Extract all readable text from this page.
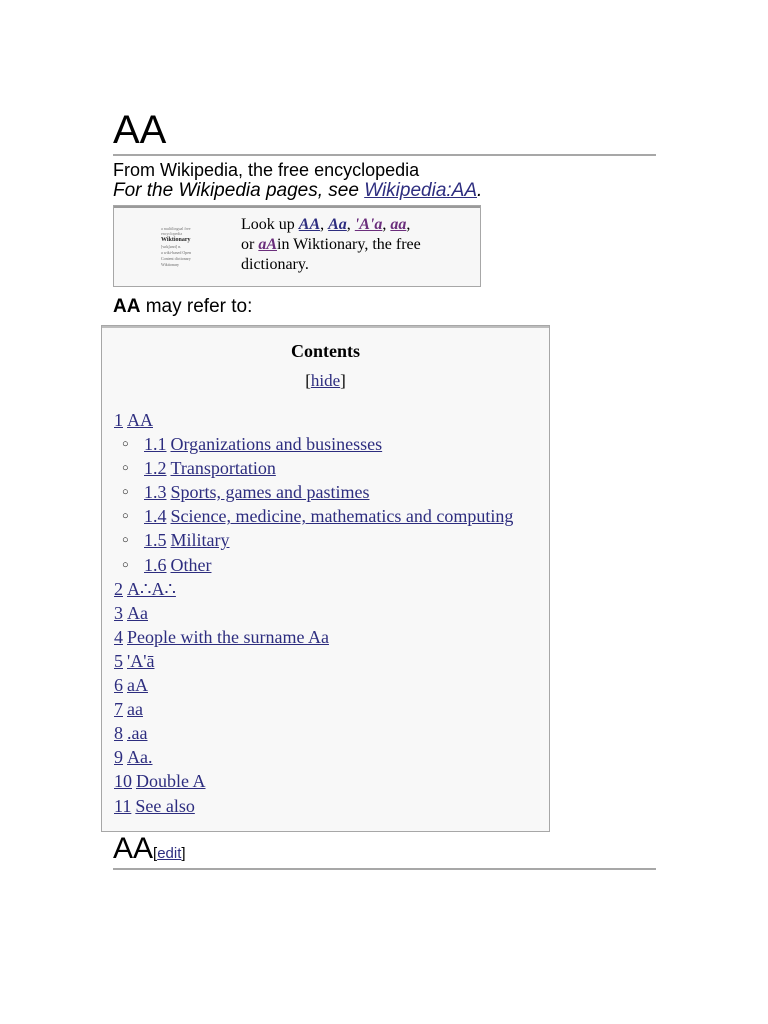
AA
From Wikipedia, the free encyclopedia
For the Wikipedia pages, see Wikipedia:AA.
a multilingual free
encyclopedia
Wiktionary
[wɪkʃənri] n.
a wiki-based Open
Content dictionary
Wiktionary
Look up AA, Aa, 'A'a, aa,
or aAin Wiktionary, the free dictionary.
AA may refer to:
Contents
[hide]
1 AA
○ 1.1 Organizations and businesses
○ 1.2 Transportation
○ 1.3 Sports, games and pastimes
○ 1.4 Science, medicine, mathematics and computing
○ 1.5 Military
○ 1.6 Other
2 A∴A∴
3 Aa
4 People with the surname Aa
5 'A'ā
6 aA
7 aa
8 .aa
9 Aa.
10 Double A
11 See also
AA[edit]
